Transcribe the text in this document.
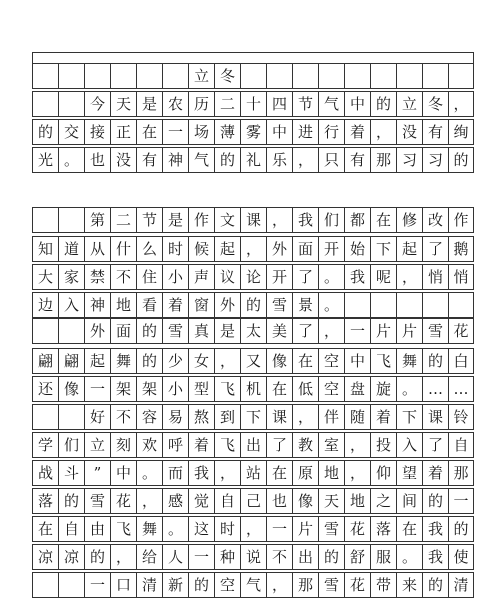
立 冬
今 天 是 农 历 二 十 四 节 气 中 的 立 冬 ，
的 交 接 正 在 一 场 薄 雾 中 进 行 着 ， 没 有 绚
光 。 也 没 有 神 气 的 礼 乐 ， 只 有 那 习 习 的
第 二 节 是 作 文 课 ， 我 们 都 在 修 改 作
知 道 从 什 么 时 候 起 ， 外 面 开 始 下 起 了 鹅
大 家 禁 不 住 小 声 议 论 开 了 。 我 呢 ， 悄 悄
边 入 神 地 看 着 窗 外 的 雪 景 。
外 面 的 雪 真 是 太 美 了 ， 一 片 片 雪 花
翩 翩 起 舞 的 少 女 ， 又 像 在 空 中 飞 舞 的 白
还 像 一 架 架 小 型 飞 机 在 低 空 盘 旋 。 … …
好 不 容 易 熬 到 下 课 ， 伴 随 着 下 课 铃
学 们 立 刻 欢 呼 着 飞 出 了 教 室 ， 投 入 了 自
战 斗 ” 中 。 而 我 ， 站 在 原 地 ， 仰 望 着 那
落 的 雪 花 ， 感 觉 自 己 也 像 天 地 之 间 的 一
在 自 由 飞 舞 。 这 时 ， 一 片 雪 花 落 在 我 的
凉 凉 的 ， 给 人 一 种 说 不 出 的 舒 服 。 我 使
一 口 清 新 的 空 气 ， 那 雪 花 带 来 的 清
